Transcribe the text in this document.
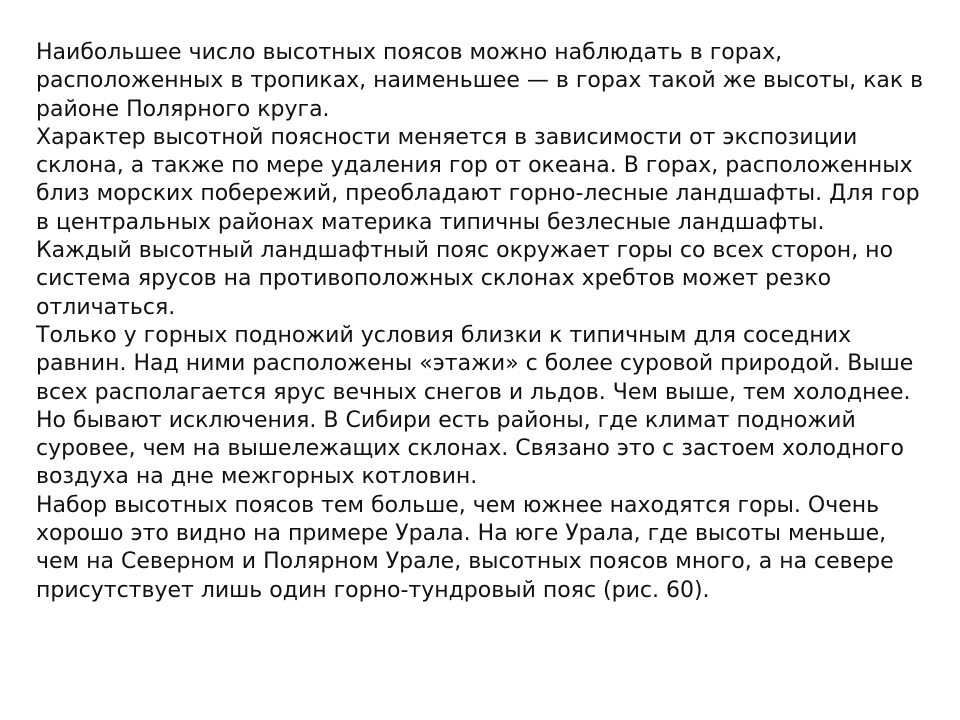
Наибольшее число высотных поясов можно наблюдать в горах, расположенных в тропиках, наименьшее — в горах такой же высоты, как в районе Полярного круга.

Характер высотной поясности меняется в зависимости от экспозиции склона, а также по мере удаления гор от океана. В горах, расположенных близ морских побережий, преобладают горно-лесные ландшафты. Для гор в центральных районах материка типичны безлесные ландшафты.

Каждый высотный ландшафтный пояс окружает горы со всех сторон, но система ярусов на противоположных склонах хребтов может резко отличаться.

Только у горных подножий условия близки к типичным для соседних равнин. Над ними расположены «этажи» с более суровой природой. Выше всех располагается ярус вечных снегов и льдов. Чем выше, тем холоднее.

Но бывают исключения. В Сибири есть районы, где климат подножий суровее, чем на вышележащих склонах. Связано это с застоем холодного воздуха на дне межгорных котловин.

Набор высотных поясов тем больше, чем южнее находятся горы. Очень хорошо это видно на примере Урала. На юге Урала, где высоты меньше, чем на Северном и Полярном Урале, высотных поясов много, а на севере присутствует лишь один горно-тундровый пояс (рис. 60).
